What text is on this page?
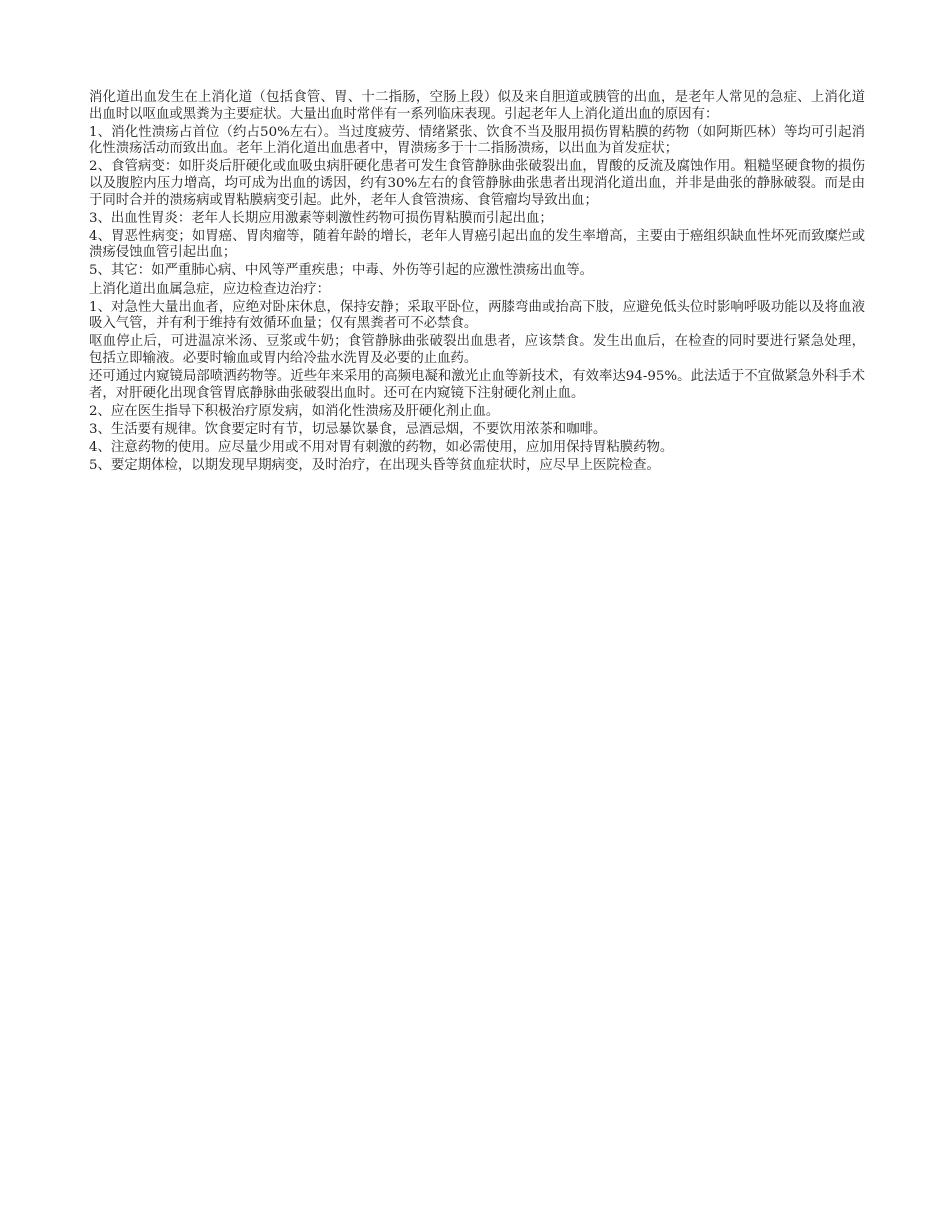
消化道出血发生在上消化道（包括食管、胃、十二指肠，空肠上段）似及来自胆道或胰管的出血，是老年人常见的急症、上消化道出血时以呕血或黑粪为主要症状。大量出血时常伴有一系列临床表现。引起老年人上消化道出血的原因有：

1、消化性溃疡占首位（约占50%左右）。当过度疲劳、情绪紧张、饮食不当及服用损伤胃粘膜的药物（如阿斯匹林）等均可引起消化性溃疡活动而致出血。老年上消化道出血患者中，胃溃疡多于十二指肠溃疡，以出血为首发症状；

2、食管病变：如肝炎后肝硬化或血吸虫病肝硬化患者可发生食管静脉曲张破裂出血，胃酸的反流及腐蚀作用。粗糙坚硬食物的损伤以及腹腔内压力增高，均可成为出血的诱因，约有30%左右的食管静脉曲张患者出现消化道出血，并非是曲张的静脉破裂。而是由于同时合并的溃疡病或胃粘膜病变引起。此外，老年人食管溃疡、食管瘤均导致出血；

3、出血性胃炎：老年人长期应用激素等刺激性药物可损伤胃粘膜而引起出血；

4、胃恶性病变；如胃癌、胃肉瘤等，随着年龄的增长，老年人胃癌引起出血的发生率增高，主要由于癌组织缺血性坏死而致糜烂或溃疡侵蚀血管引起出血；

5、其它：如严重肺心病、中风等严重疾患；中毒、外伤等引起的应激性溃疡出血等。

上消化道出血属急症，应边检查边治疗：

1、对急性大量出血者，应绝对卧床休息，保持安静；采取平卧位，两膝弯曲或抬高下肢，应避免低头位时影响呼吸功能以及将血液吸入气管，并有利于维持有效循环血量；仅有黑粪者可不必禁食。

呕血停止后，可进温凉米汤、豆浆或牛奶；食管静脉曲张破裂出血患者，应该禁食。发生出血后，在检查的同时要进行紧急处理，包括立即输液。必要时输血或胃内给冷盐水洗胃及必要的止血药。

还可通过内窥镜局部喷洒药物等。近些年来采用的高频电凝和激光止血等新技术，有效率达94-95%。此法适于不宜做紧急外科手术者，对肝硬化出现食管胃底静脉曲张破裂出血时。还可在内窥镜下注射硬化剂止血。

2、应在医生指导下积极治疗原发病，如消化性溃疡及肝硬化剂止血。

3、生活要有规律。饮食要定时有节，切忌暴饮暴食，忌酒忌烟，不要饮用浓茶和咖啡。

4、注意药物的使用。应尽量少用或不用对胃有刺激的药物，如必需使用，应加用保持胃粘膜药物。

5、要定期体检，以期发现早期病变，及时治疗，在出现头昏等贫血症状时，应尽早上医院检查。
